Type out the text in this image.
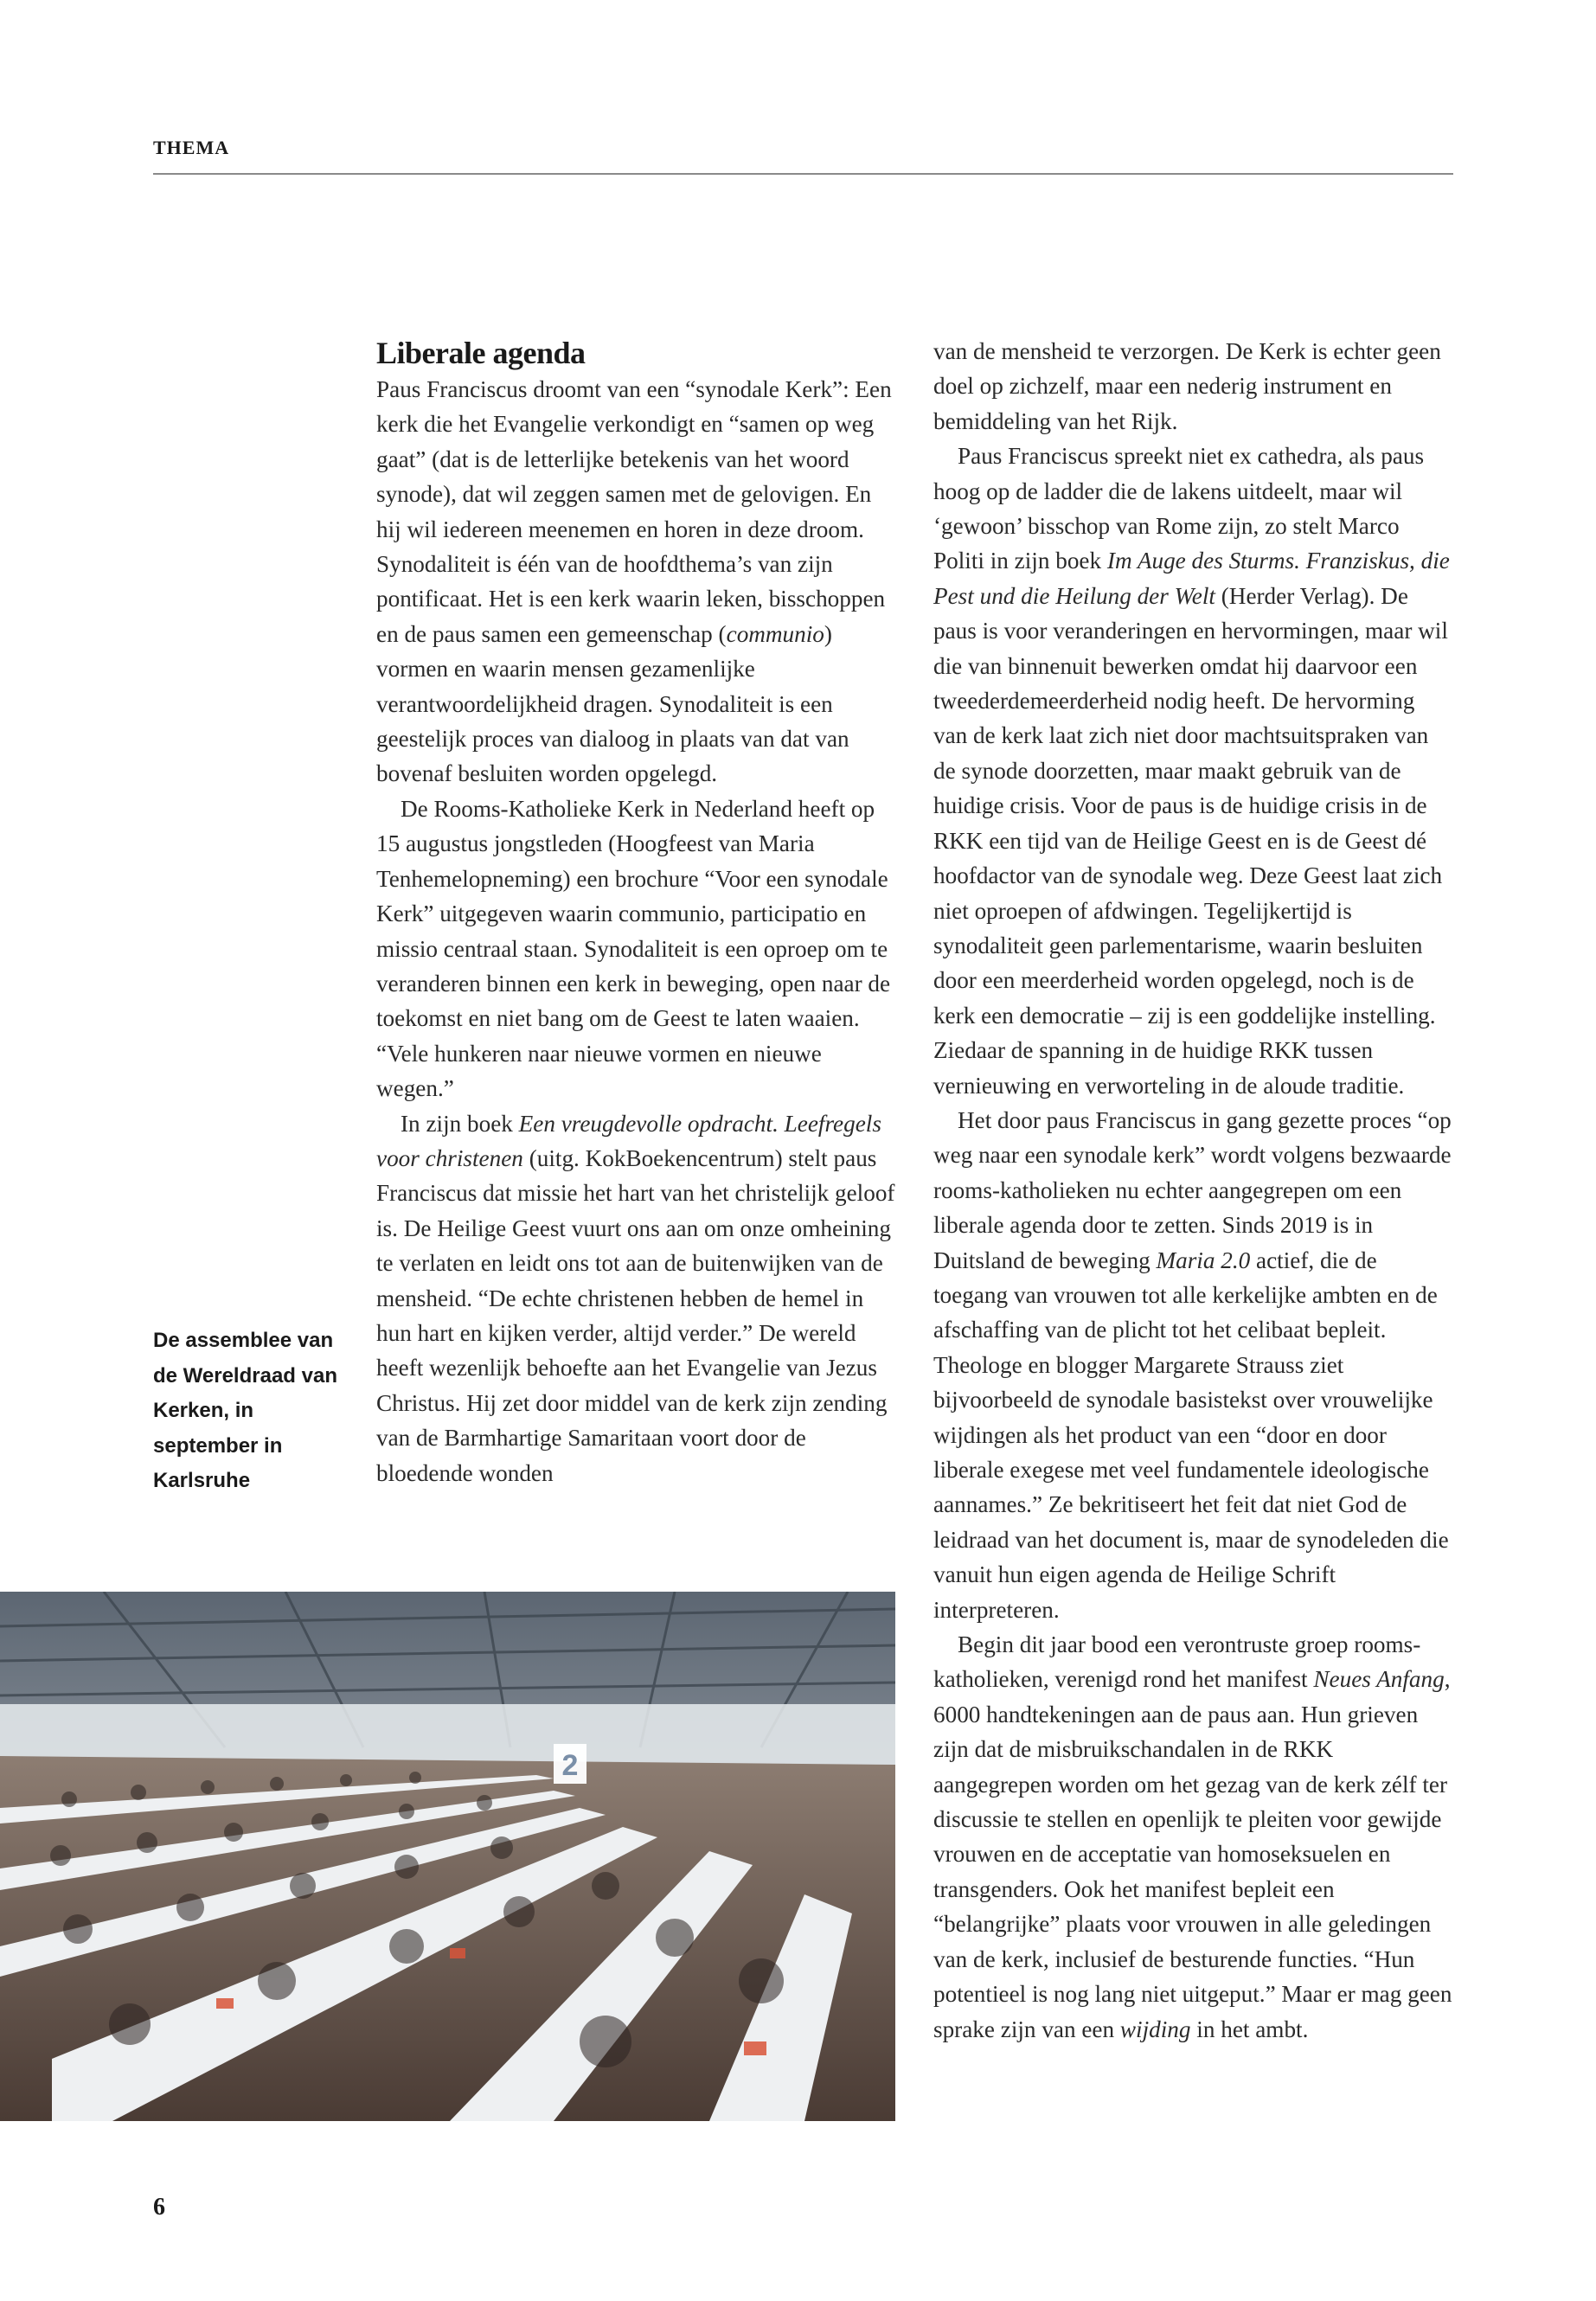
THEMA
Liberale agenda

Paus Franciscus droomt van een “synodale Kerk”: Een kerk die het Evangelie verkondigt en “samen op weg gaat” (dat is de letterlijke betekenis van het woord synode), dat wil zeggen samen met de gelovigen. En hij wil iedereen meenemen en horen in deze droom. Synodaliteit is één van de hoofdthema’s van zijn pontificaat. Het is een kerk waarin leken, bisschoppen en de paus samen een gemeenschap (communio) vormen en waarin mensen gezamenlijke verantwoordelijkheid dragen. Synodaliteit is een geestelijk proces van dialoog in plaats van dat van bovenaf besluiten worden opgelegd.

De Rooms-Katholieke Kerk in Nederland heeft op 15 augustus jongstleden (Hoogfeest van Maria Tenhemelopneming) een brochure “Voor een synodale Kerk” uitgegeven waarin communio, participatio en missio centraal staan. Synodaliteit is een oproep om te veranderen binnen een kerk in beweging, open naar de toekomst en niet bang om de Geest te laten waaien. “Vele hunkeren naar nieuwe vormen en nieuwe wegen.”

In zijn boek Een vreugdevolle opdracht. Leefregels voor christenen (uitg. KokBoekencentrum) stelt paus Franciscus dat missie het hart van het christelijk geloof is. De Heilige Geest vuurt ons aan om onze omheining te verlaten en leidt ons tot aan de buitenwijken van de mensheid. “De echte christenen hebben de hemel in hun hart en kijken verder, altijd verder.” De wereld heeft wezenlijk behoefte aan het Evangelie van Jezus Christus. Hij zet door middel van de kerk zijn zending van de Barmhartige Samaritaan voort door de bloedende wonden

van de mensheid te verzorgen. De Kerk is echter geen doel op zichzelf, maar een nederig instrument en bemiddeling van het Rijk.

Paus Franciscus spreekt niet ex cathedra, als paus hoog op de ladder die de lakens uitdeelt, maar wil ‘gewoon’ bisschop van Rome zijn, zo stelt Marco Politi in zijn boek Im Auge des Sturms. Franziskus, die Pest und die Heilung der Welt (Herder Verlag). De paus is voor veranderingen en hervormingen, maar wil die van binnenuit bewerken omdat hij daarvoor een tweederdemeerderheid nodig heeft. De hervorming van de kerk laat zich niet door machtsuitspraken van de synode doorzetten, maar maakt gebruik van de huidige crisis. Voor de paus is de huidige crisis in de RKK een tijd van de Heilige Geest en is de Geest dé hoofdactor van de synodale weg. Deze Geest laat zich niet oproepen of afdwingen. Tegelijkertijd is synodaliteit geen parlementarisme, waarin besluiten door een meerderheid worden opgelegd, noch is de kerk een democratie – zij is een goddelijke instelling. Ziedaar de spanning in de huidige RKK tussen vernieuwing en verworteling in de aloude traditie.

Het door paus Franciscus in gang gezette proces “op weg naar een synodale kerk” wordt volgens bezwaarde rooms-katholieken nu echter aangegrepen om een liberale agenda door te zetten. Sinds 2019 is in Duitsland de beweging Maria 2.0 actief, die de toegang van vrouwen tot alle kerkelijke ambten en de afschaffing van de plicht tot het celibaat bepleit. Theologe en blogger Margarete Strauss ziet bijvoorbeeld de synodale basistekst over vrouwelijke wijdingen als het product van een “door en door liberale exegese met veel fundamentele ideologische aannames.” Ze bekritiseert het feit dat niet God de leidraad van het document is, maar de synodeleden die vanuit hun eigen agenda de Heilige Schrift interpreteren.

Begin dit jaar bood een verontruste groep rooms-katholieken, verenigd rond het manifest Neues Anfang, 6000 handtekeningen aan de paus aan. Hun grieven zijn dat de misbruikschandalen in de RKK aangegrepen worden om het gezag van de kerk zélf ter discussie te stellen en openlijk te pleiten voor gewijde vrouwen en de acceptatie van homoseksuelen en transgenders. Ook het manifest bepleit een “belangrijke” plaats voor vrouwen in alle geledingen van de kerk, inclusief de besturende functies. “Hun potentieel is nog lang niet uitgeput.” Maar er mag geen sprake zijn van een wijding in het ambt.

De assemblee van de Wereldraad van Kerken, in september in Karlsruhe
2
6
